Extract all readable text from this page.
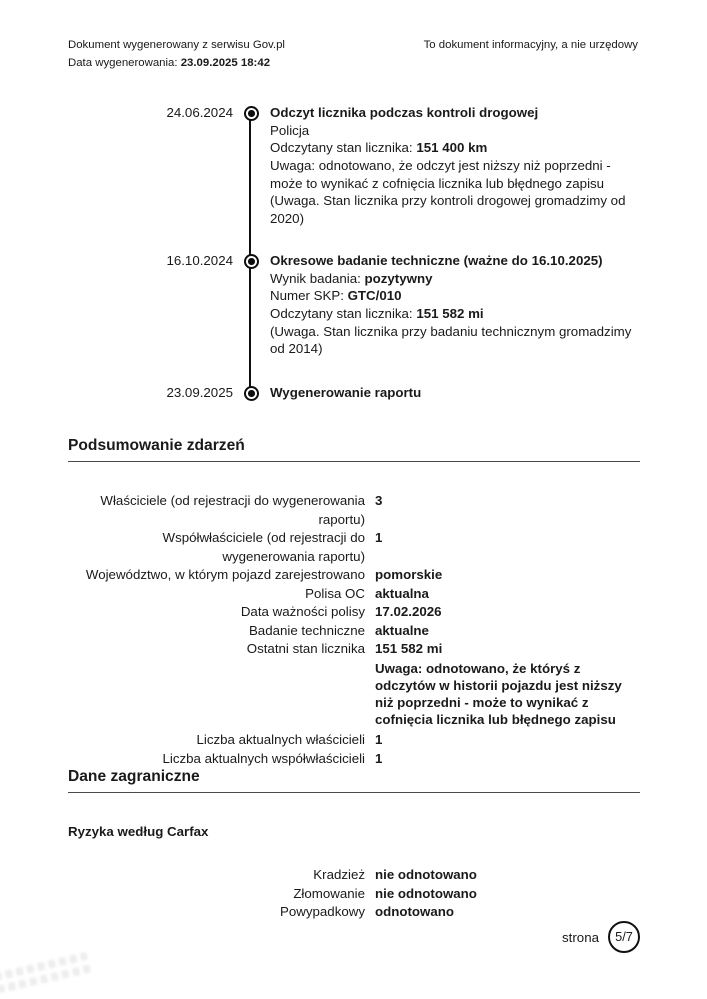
Dokument wygenerowany z serwisu Gov.pl
Data wygenerowania: 23.09.2025 18:42
To dokument informacyjny, a nie urzędowy
24.06.2024	Odczyt licznika podczas kontroli drogowej
Policja
Odczytany stan licznika: 151 400 km
Uwaga: odnotowano, że odczyt jest niższy niż poprzedni - może to wynikać z cofnięcia licznika lub błędnego zapisu
(Uwaga. Stan licznika przy kontroli drogowej gromadzimy od 2020)
16.10.2024	Okresowe badanie techniczne (ważne do 16.10.2025)
Wynik badania: pozytywny
Numer SKP: GTC/010
Odczytany stan licznika: 151 582 mi
(Uwaga. Stan licznika przy badaniu technicznym gromadzimy od 2014)
23.09.2025	Wygenerowanie raportu
Podsumowanie zdarzeń
Właściciele (od rejestracji do wygenerowania raportu)
3
Współwłaściciele (od rejestracji do wygenerowania raportu)
1
Województwo, w którym pojazd zarejestrowano pomorskie
Polisa OC aktualna
Data ważności polisy 17.02.2026
Badanie techniczne aktualne
Ostatni stan licznika 151 582 mi
Uwaga: odnotowano, że któryś z odczytów w historii pojazdu jest niższy niż poprzedni - może to wynikać z cofnięcia licznika lub błędnego zapisu
Liczba aktualnych właścicieli 1
Liczba aktualnych współwłaścicieli 1
Dane zagraniczne
Ryzyka według Carfax
Kradzież nie odnotowano
Złomowanie nie odnotowano
Powypadkowy odnotowano
strona	5/7
